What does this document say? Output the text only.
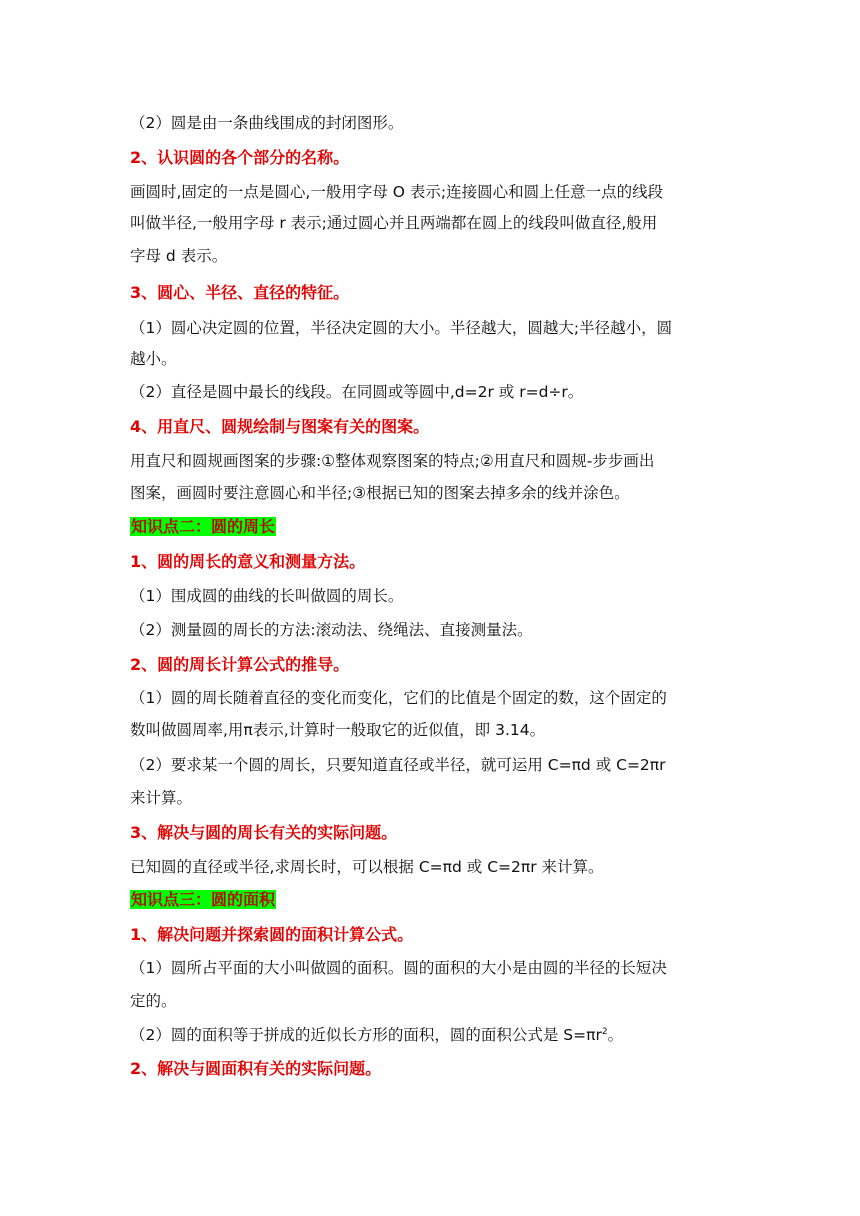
（2）圆是由一条曲线围成的封闭图形。
2、认识圆的各个部分的名称。
画圆时,固定的一点是圆心,一般用字母 O 表示;连接圆心和圆上任意一点的线段
叫做半径,一般用字母 r 表示;通过圆心并且两端都在圆上的线段叫做直径,般用
字母 d 表示。
3、圆心、半径、直径的特征。
（1）圆心决定圆的位置，半径决定圆的大小。半径越大，圆越大;半径越小，圆
越小。
（2）直径是圆中最长的线段。在同圆或等圆中,d=2r 或 r=d÷r。
4、用直尺、圆规绘制与图案有关的图案。
用直尺和圆规画图案的步骤:①整体观察图案的特点;②用直尺和圆规-步步画出
图案，画圆时要注意圆心和半径;③根据已知的图案去掉多余的线并涂色。
知识点二：圆的周长
1、圆的周长的意义和测量方法。
（1）围成圆的曲线的长叫做圆的周长。
（2）测量圆的周长的方法:滚动法、绕绳法、直接测量法。
2、圆的周长计算公式的推导。
（1）圆的周长随着直径的变化而变化，它们的比值是个固定的数，这个固定的
数叫做圆周率,用π表示,计算时一般取它的近似值，即 3.14。
（2）要求某一个圆的周长，只要知道直径或半径，就可运用 C=πd 或 C=2πr
来计算。
3、解决与圆的周长有关的实际问题。
已知圆的直径或半径,求周长时，可以根据 C=πd 或 C=2πr 来计算。
知识点三：圆的面积
1、解决问题并探索圆的面积计算公式。
（1）圆所占平面的大小叫做圆的面积。圆的面积的大小是由圆的半径的长短决
定的。
（2）圆的面积等于拼成的近似长方形的面积，圆的面积公式是 $S=\pi r^2$。
2、解决与圆面积有关的实际问题。
